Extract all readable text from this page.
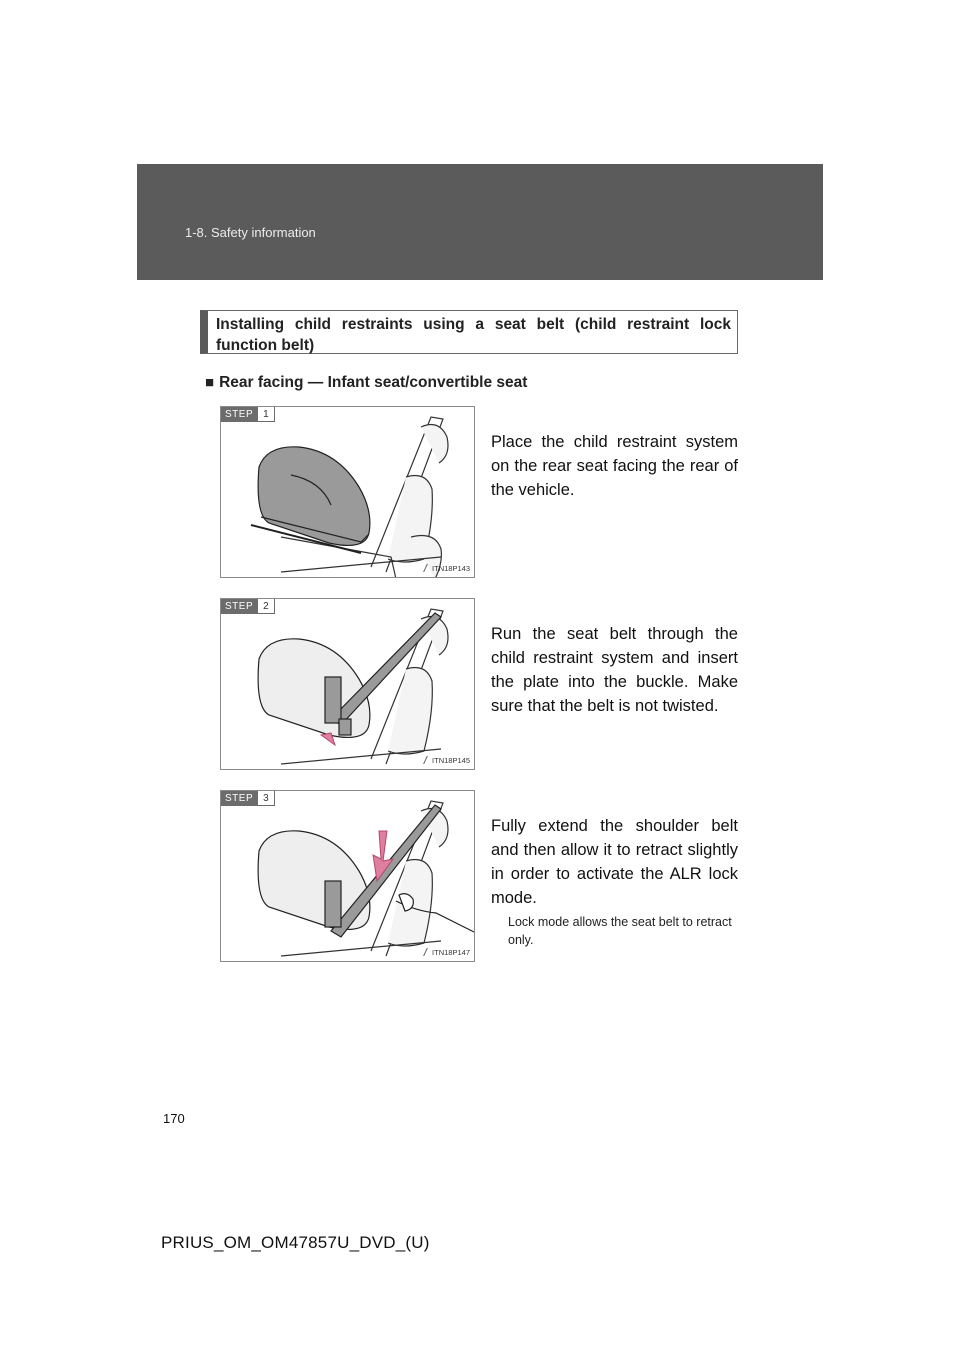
1-8. Safety information
Installing child restraints using a seat belt (child restraint lock function belt)
■ Rear facing — Infant seat/convertible seat
STEP	1
ITN18P143
Place the child restraint system on the rear seat facing the rear of the vehicle.
STEP	2
ITN18P145
Run the seat belt through the child restraint system and insert the plate into the buckle. Make sure that the belt is not twisted.
STEP	3
ITN18P147
Fully extend the shoulder belt and then allow it to retract slightly in order to activate the ALR lock mode.
Lock mode allows the seat belt to retract only.
170
PRIUS_OM_OM47857U_DVD_(U)
